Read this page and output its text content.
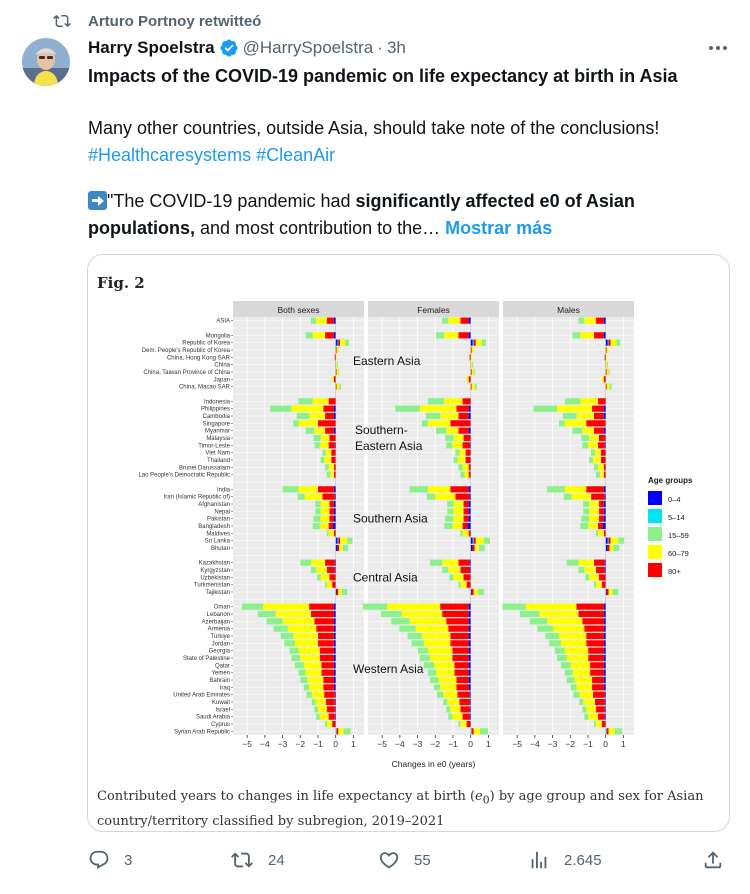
Arturo Portnoy retwitteó
Harry Spoelstra @HarrySpoelstra · 3h
Impacts of the COVID-19 pandemic on life expectancy at birth in Asia
Many other countries, outside Asia, should take note of the conclusions!
#Healthcaresystems #CleanAir
"The COVID-19 pandemic had significantly affected e0 of Asian populations, and most contribution to the… Mostrar más
Fig. 2
Both sexes
−5 −4 −3 −2 −1 0 1
Females
−5 −4 −3 −2 −1 0 1
Males
−5 −4 −3 −2 −1 0 1
ASIA
Mongolia
Republic of Korea
Dem. People's Republic of Korea
China, Hong Kong SAR
China
China, Taiwan Province of China
Japan
China, Macao SAR
Indonesia
Philippines
Cambodia
Singapore
Myanmar
Malaysia
Timor-Leste
Viet Nam
Thailand
Brunei Darussalam
Lao People's Democratic Republic
India
Iran (Islamic Republic of)
Afghanistan
Nepal
Pakistan
Bangladesh
Maldives
Sri Lanka
Bhutan
Kazakhstan
Kyrgyzstan
Uzbekistan
Turkmenistan
Tajikistan
Oman
Lebanon
Azerbaijan
Armenia
Türkiye
Jordan
Georgia
State of Palestine
Qatar
Yemen
Bahrain
Iraq
United Arab Emirates
Kuwait
Israel
Saudi Arabia
Cyprus
Syrian Arab Republic
Eastern Asia
Southern-
Eastern Asia
Southern Asia
Central Asia
Western Asia
Changes in e0 (years)
Age groups
0–4
5–14
15–59
60–79
80+
Contributed years to changes in life expectancy at birth $(e_0)$ by age group and sex for Asian country/territory classified by subregion, 2019–2021
3	24	55	2.645
